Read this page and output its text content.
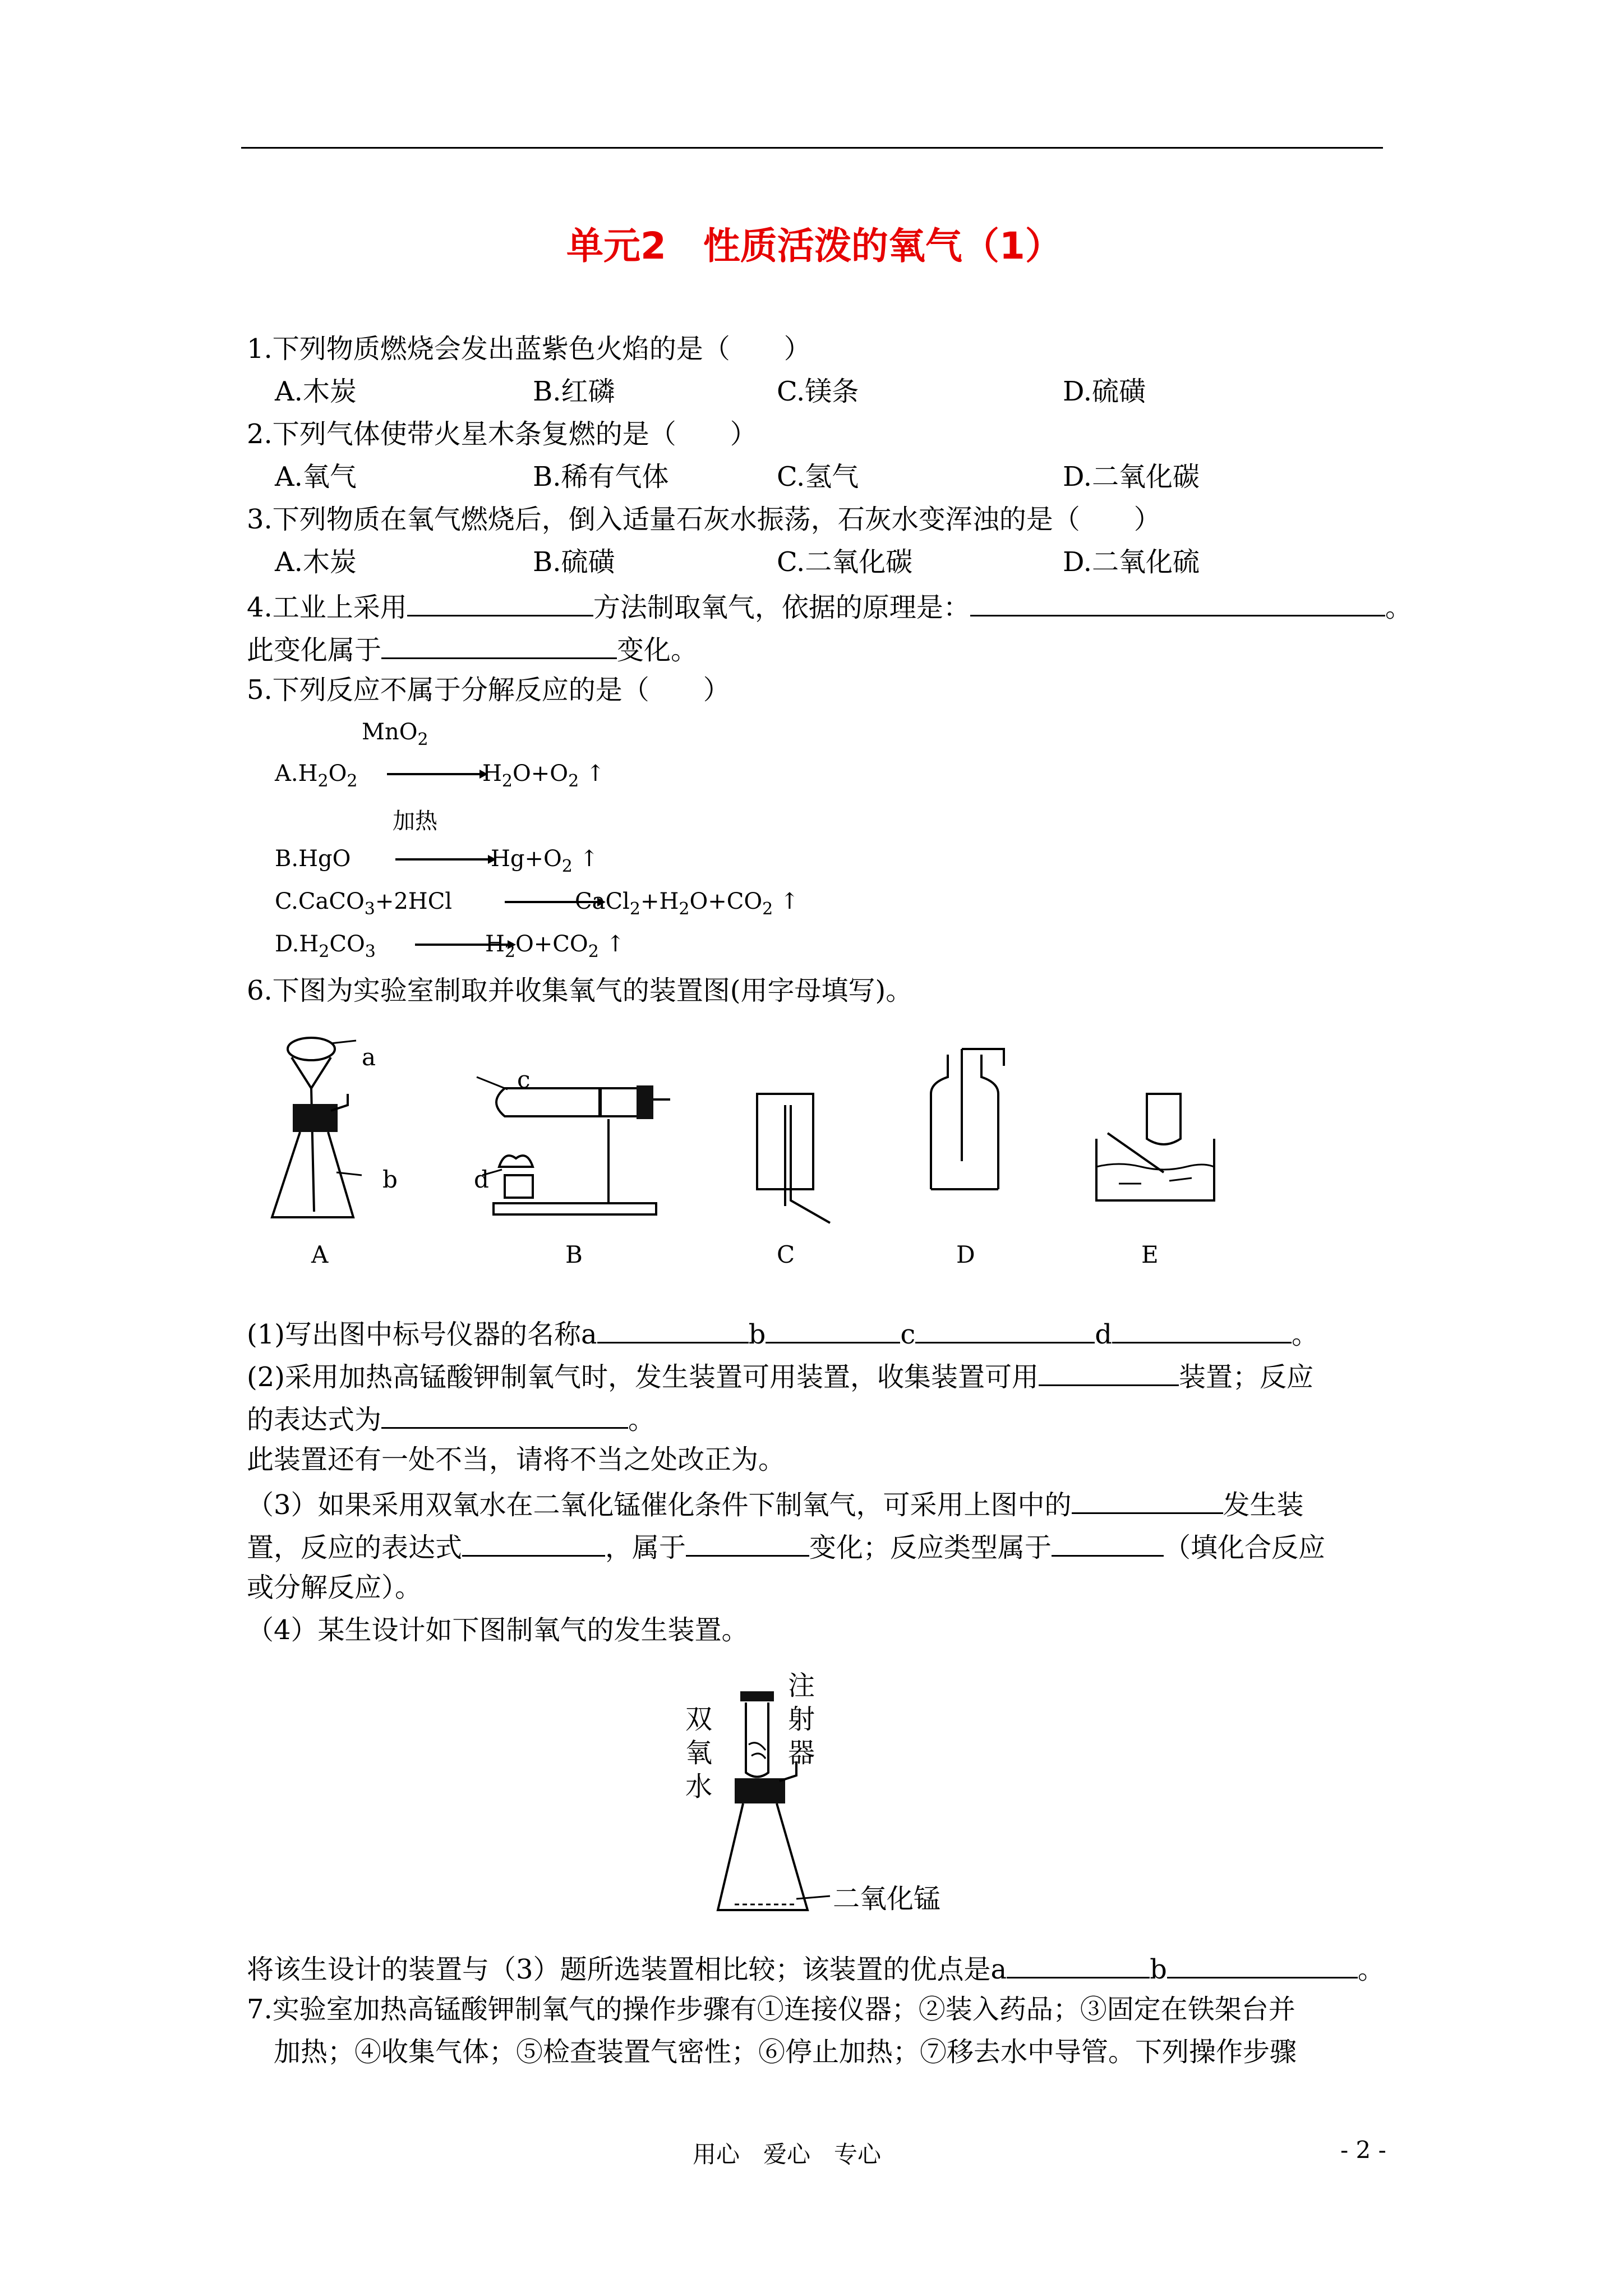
单元2　性质活泼的氧气（1）
1.下列物质燃烧会发出蓝紫色火焰的是（　　）
A.木炭	B.红磷	C.镁条	D.硫磺
2.下列气体使带火星木条复燃的是（　　）
A.氧气	B.稀有气体	C.氢气	D.二氧化碳
3.下列物质在氧气燃烧后，倒入适量石灰水振荡，石灰水变浑浊的是（　　）
A.木炭	B.硫磺	C.二氧化碳	D.二氧化硫
4.工业上采用	方法制取氧气，依据的原理是：	。
此变化属于	变化。
5.下列反应不属于分解反应的是（　　）
MnO$_2$
$A.H_2O_2$	$H_2O+O_2$ ↑
加热
B.HgO	$Hg+O_2$ ↑
C.CaCO$_3$+2HCl	$CaCl_2+H_2O+CO_2$ ↑
$D.H_2CO_3$	$H_2O+CO_2$ ↑
6.下图为实验室制取并收集氧气的装置图(用字母填写)。
a
b
c
d
A	B	C	D	E
(1)写出图中标号仪器的名称a	b	c	d	。
(2)采用加热高锰酸钾制氧气时，发生装置可用装置，收集装置可用	装置；反应
的表达式为	。
此装置还有一处不当，请将不当之处改正为。
（3）如果采用双氧水在二氧化锰催化条件下制氧气，可采用上图中的	发生装
置，反应的表达式	，属于	变化；反应类型属于	（填化合反应
或分解反应）。
（4）某生设计如下图制氧气的发生装置。
双
氧
水
注
射
器
二氧化锰
将该生设计的装置与（3）题所选装置相比较；该装置的优点是a	b	。
7.实验室加热高锰酸钾制氧气的操作步骤有①连接仪器；②装入药品；③固定在铁架台并
加热；④收集气体；⑤检查装置气密性；⑥停止加热；⑦移去水中导管。下列操作步骤
用心　爱心　专心	- 2 -
